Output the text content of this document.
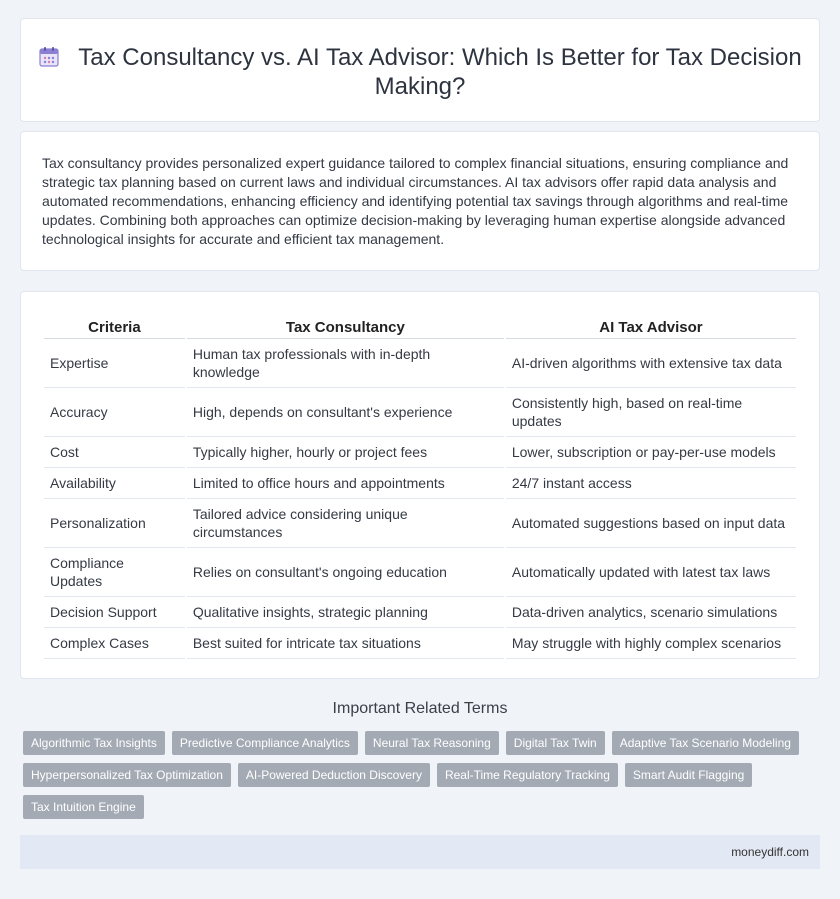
Tax Consultancy vs. AI Tax Advisor: Which Is Better for Tax Decision Making?

Tax consultancy provides personalized expert guidance tailored to complex financial situations, ensuring compliance and strategic tax planning based on current laws and individual circumstances. AI tax advisors offer rapid data analysis and automated recommendations, enhancing efficiency and identifying potential tax savings through algorithms and real-time updates. Combining both approaches can optimize decision-making by leveraging human expertise alongside advanced technological insights for accurate and efficient tax management.

Criteria	Tax Consultancy	AI Tax Advisor
Expertise	Human tax professionals with in-depth knowledge	AI-driven algorithms with extensive tax data
Accuracy	High, depends on consultant's experience	Consistently high, based on real-time updates
Cost	Typically higher, hourly or project fees	Lower, subscription or pay-per-use models
Availability	Limited to office hours and appointments	24/7 instant access
Personalization	Tailored advice considering unique circumstances	Automated suggestions based on input data
Compliance Updates	Relies on consultant's ongoing education	Automatically updated with latest tax laws
Decision Support	Qualitative insights, strategic planning	Data-driven analytics, scenario simulations
Complex Cases	Best suited for intricate tax situations	May struggle with highly complex scenarios
Important Related Terms
Algorithmic Tax Insights	Predictive Compliance Analytics	Neural Tax Reasoning	Digital Tax Twin	Adaptive Tax Scenario Modeling
Hyperpersonalized Tax Optimization	AI-Powered Deduction Discovery	Real-Time Regulatory Tracking	Smart Audit Flagging
Tax Intuition Engine
moneydiff.com
